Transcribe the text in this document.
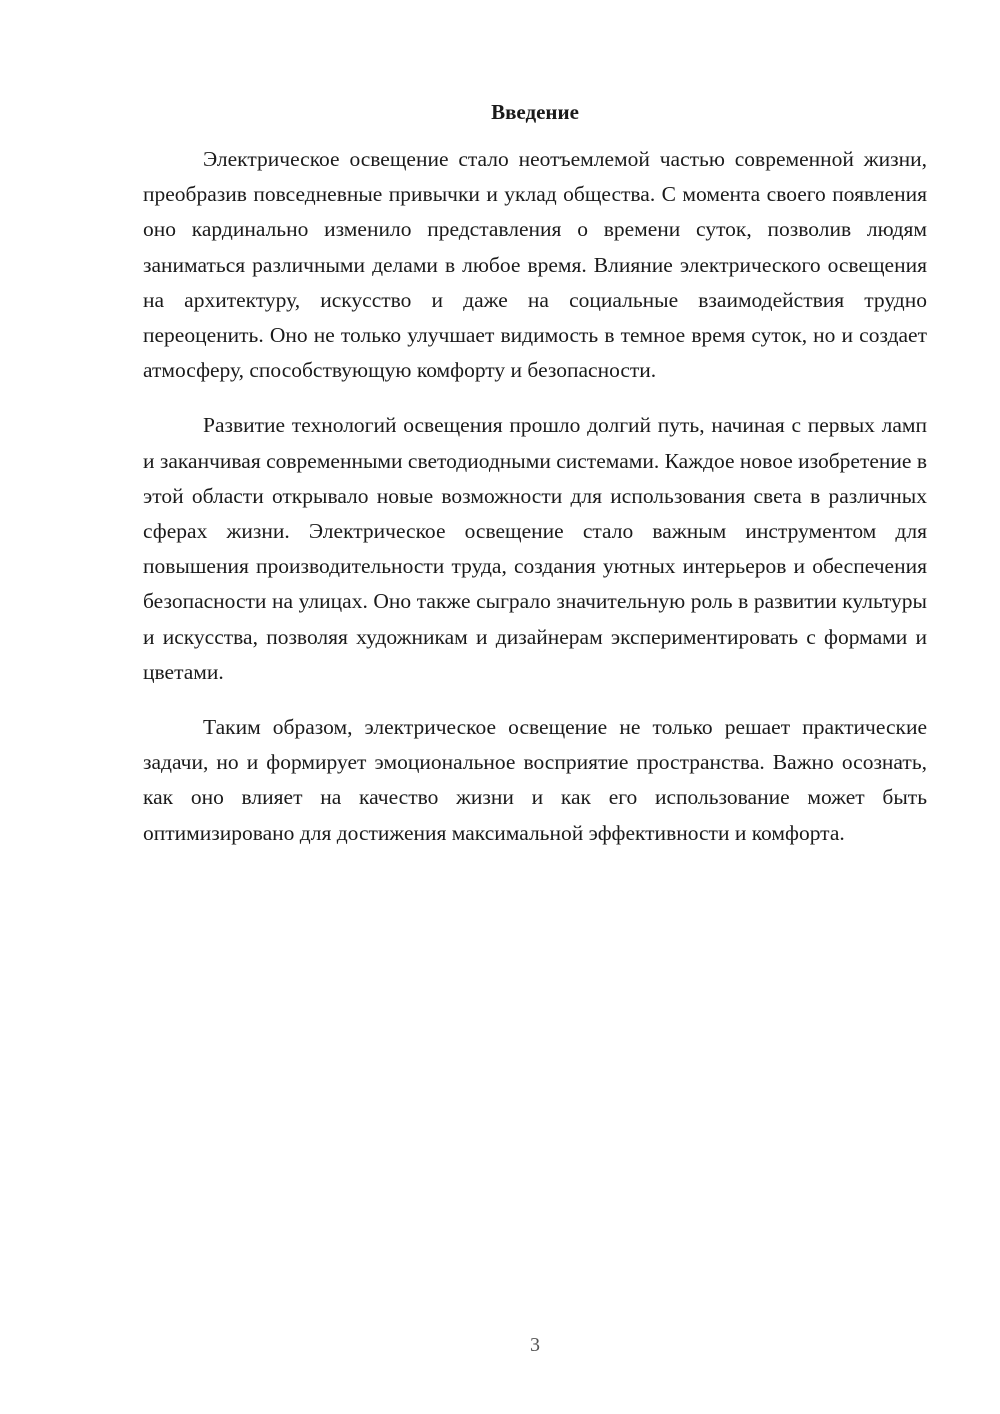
Введение

Электрическое освещение стало неотъемлемой частью современной жизни, преобразив повседневные привычки и уклад общества. С момента своего появления оно кардинально изменило представления о времени суток, позволив людям заниматься различными делами в любое время. Влияние электрического освещения на архитектуру, искусство и даже на социальные взаимодействия трудно переоценить. Оно не только улучшает видимость в темное время суток, но и создает атмосферу, способствующую комфорту и безопасности.

Развитие технологий освещения прошло долгий путь, начиная с первых ламп и заканчивая современными светодиодными системами. Каждое новое изобретение в этой области открывало новые возможности для использования света в различных сферах жизни. Электрическое освещение стало важным инструментом для повышения производительности труда, создания уютных интерьеров и обеспечения безопасности на улицах. Оно также сыграло значительную роль в развитии культуры и искусства, позволяя художникам и дизайнерам экспериментировать с формами и цветами.

Таким образом, электрическое освещение не только решает практические задачи, но и формирует эмоциональное восприятие пространства. Важно осознать, как оно влияет на качество жизни и как его использование может быть оптимизировано для достижения максимальной эффективности и комфорта.

3
